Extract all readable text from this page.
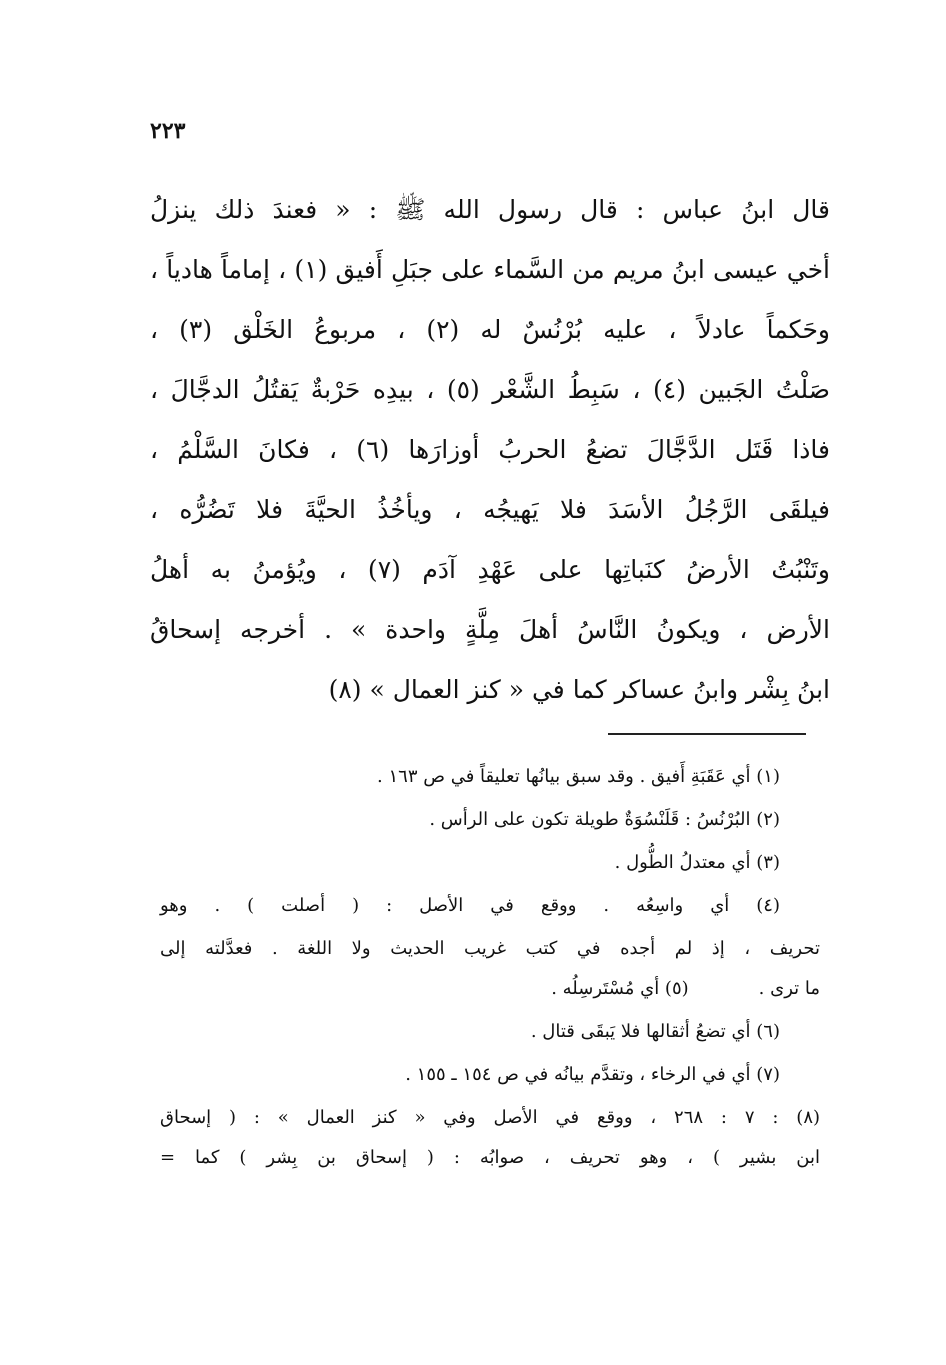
٢٢٣
قال ابنُ عباس : قال رسول الله ﷺ : « فعندَ ذلك ينزلُ
أخي عيسى ابنُ مريم من السَّماء على جبَلِ أَفيق (١) ، إماماً هادياً ،
وحَكماً عادلاً ، عليه بُرْنُسٌ له (٢) ، مربوعُ الخَلْق (٣) ،
صَلْتُ الجَبين (٤) ، سَبِطُ الشَّعْر (٥) ، بيدِه حَرْبةٌ يَقتُلُ الدجَّالَ ،
فاذا قَتَل الدَّجَّالَ تضعُ الحربُ أوزارَها (٦) ، فكانَ السَّلْمُ ،
فيلقَى الرَّجُلُ الأسَدَ فلا يَهيجُه ، ويأخُذُ الحيَّةَ فلا تَضُرُّه ،
وتَنْبُتُ الأرضُ كنَباتِها على عَهْدِ آدَم (٧) ، ويُؤمنُ به أهلُ
الأرض ، ويكونُ النَّاسُ أهلَ مِلَّةٍ واحدة » . أخرجه إسحاقُ
ابنُ بِشْر وابنُ عساكر كما في « كنز العمال » (٨)
(١) أي عَقَبَةِ أَفيق . وقد سبق بيانُها تعليقاً في ص ١٦٣ .
(٢) البُرْنُسُ : قَلَنْسُوَةٌ طويلة تكون على الرأس .
(٣) أي معتدلُ الطُّول .
(٤) أي واسِعُه . ووقع في الأصل : ( أصلت ) . وهو
تحريف ، إذ لم أجده في كتب غريب الحديث ولا اللغة . فعدَّلته إلى
ما ترى .(٥) أي مُسْتَرسِلُه .
(٦) أي تضعُ أثقالها فلا يَبقَى قتال .
(٧) أي في الرخاء ، وتقدَّم بيانُه في ص ١٥٤ ـ ١٥٥ .
(٨) : ٧ : ٢٦٨ ، ووقع في الأصل وفي « كنز العمال » : ( إسحاق
ابن بشير ) ، وهو تحريف ، صوابُه : ( إسحاق بن بِشر ) كما =
